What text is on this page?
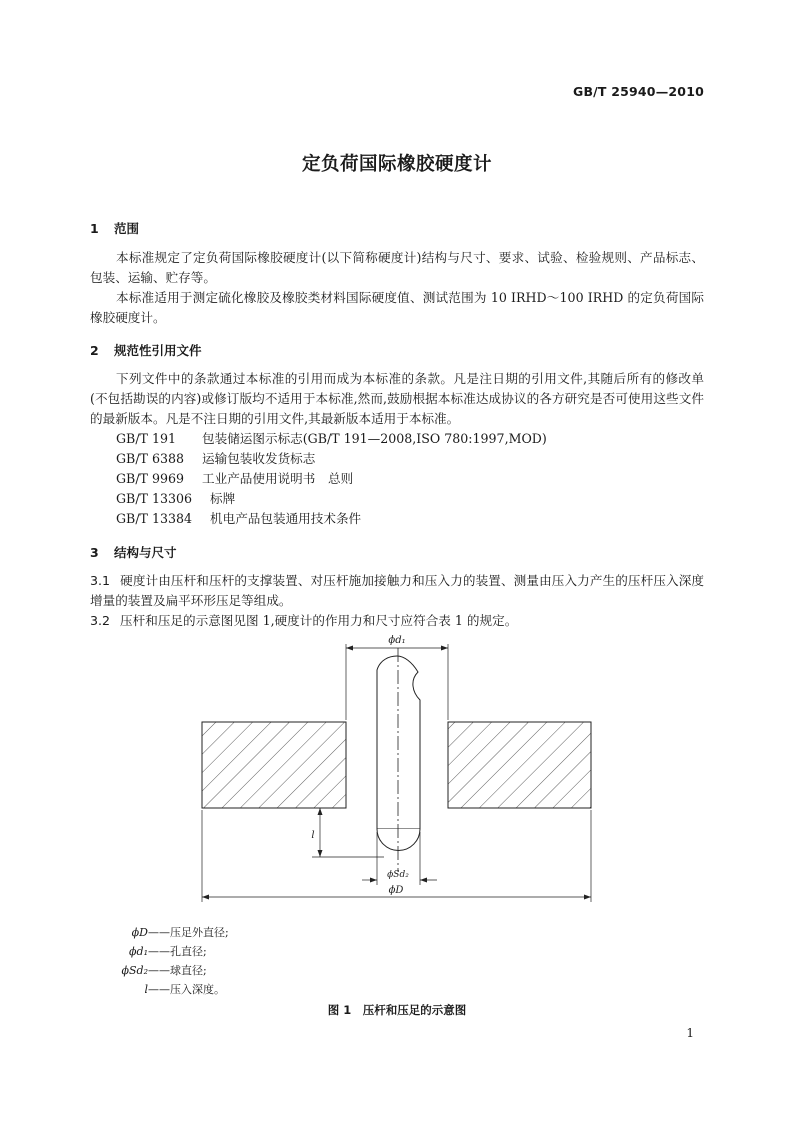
GB/T 25940—2010
定负荷国际橡胶硬度计
1 范围

本标准规定了定负荷国际橡胶硬度计(以下简称硬度计)结构与尺寸、要求、试验、检验规则、产品标志、包装、运输、贮存等。

本标准适用于测定硫化橡胶及橡胶类材料国际硬度值、测试范围为 10 IRHD～100 IRHD 的定负荷国际橡胶硬度计。

2 规范性引用文件

下列文件中的条款通过本标准的引用而成为本标准的条款。凡是注日期的引用文件,其随后所有的修改单(不包括勘误的内容)或修订版均不适用于本标准,然而,鼓励根据本标准达成协议的各方研究是否可使用这些文件的最新版本。凡是不注日期的引用文件,其最新版本适用于本标准。

GB/T 191 包装储运图示标志(GB/T 191—2008,ISO 780:1997,MOD)
GB/T 6388 运输包装收发货标志
GB/T 9969 工业产品使用说明书　总则
GB/T 13306 标牌
GB/T 13384 机电产品包装通用技术条件
3 结构与尺寸

3.1 硬度计由压杆和压杆的支撑装置、对压杆施加接触力和压入力的装置、测量由压入力产生的压杆压入深度增量的装置及扁平环形压足等组成。

3.2 压杆和压足的示意图见图 1,硬度计的作用力和尺寸应符合表 1 的规定。

ϕd₁
l
ϕSd₂
ϕD
ϕD——压足外直径;
ϕd₁——孔直径;
ϕSd₂——球直径;
l——压入深度。
图 1　压杆和压足的示意图
1
